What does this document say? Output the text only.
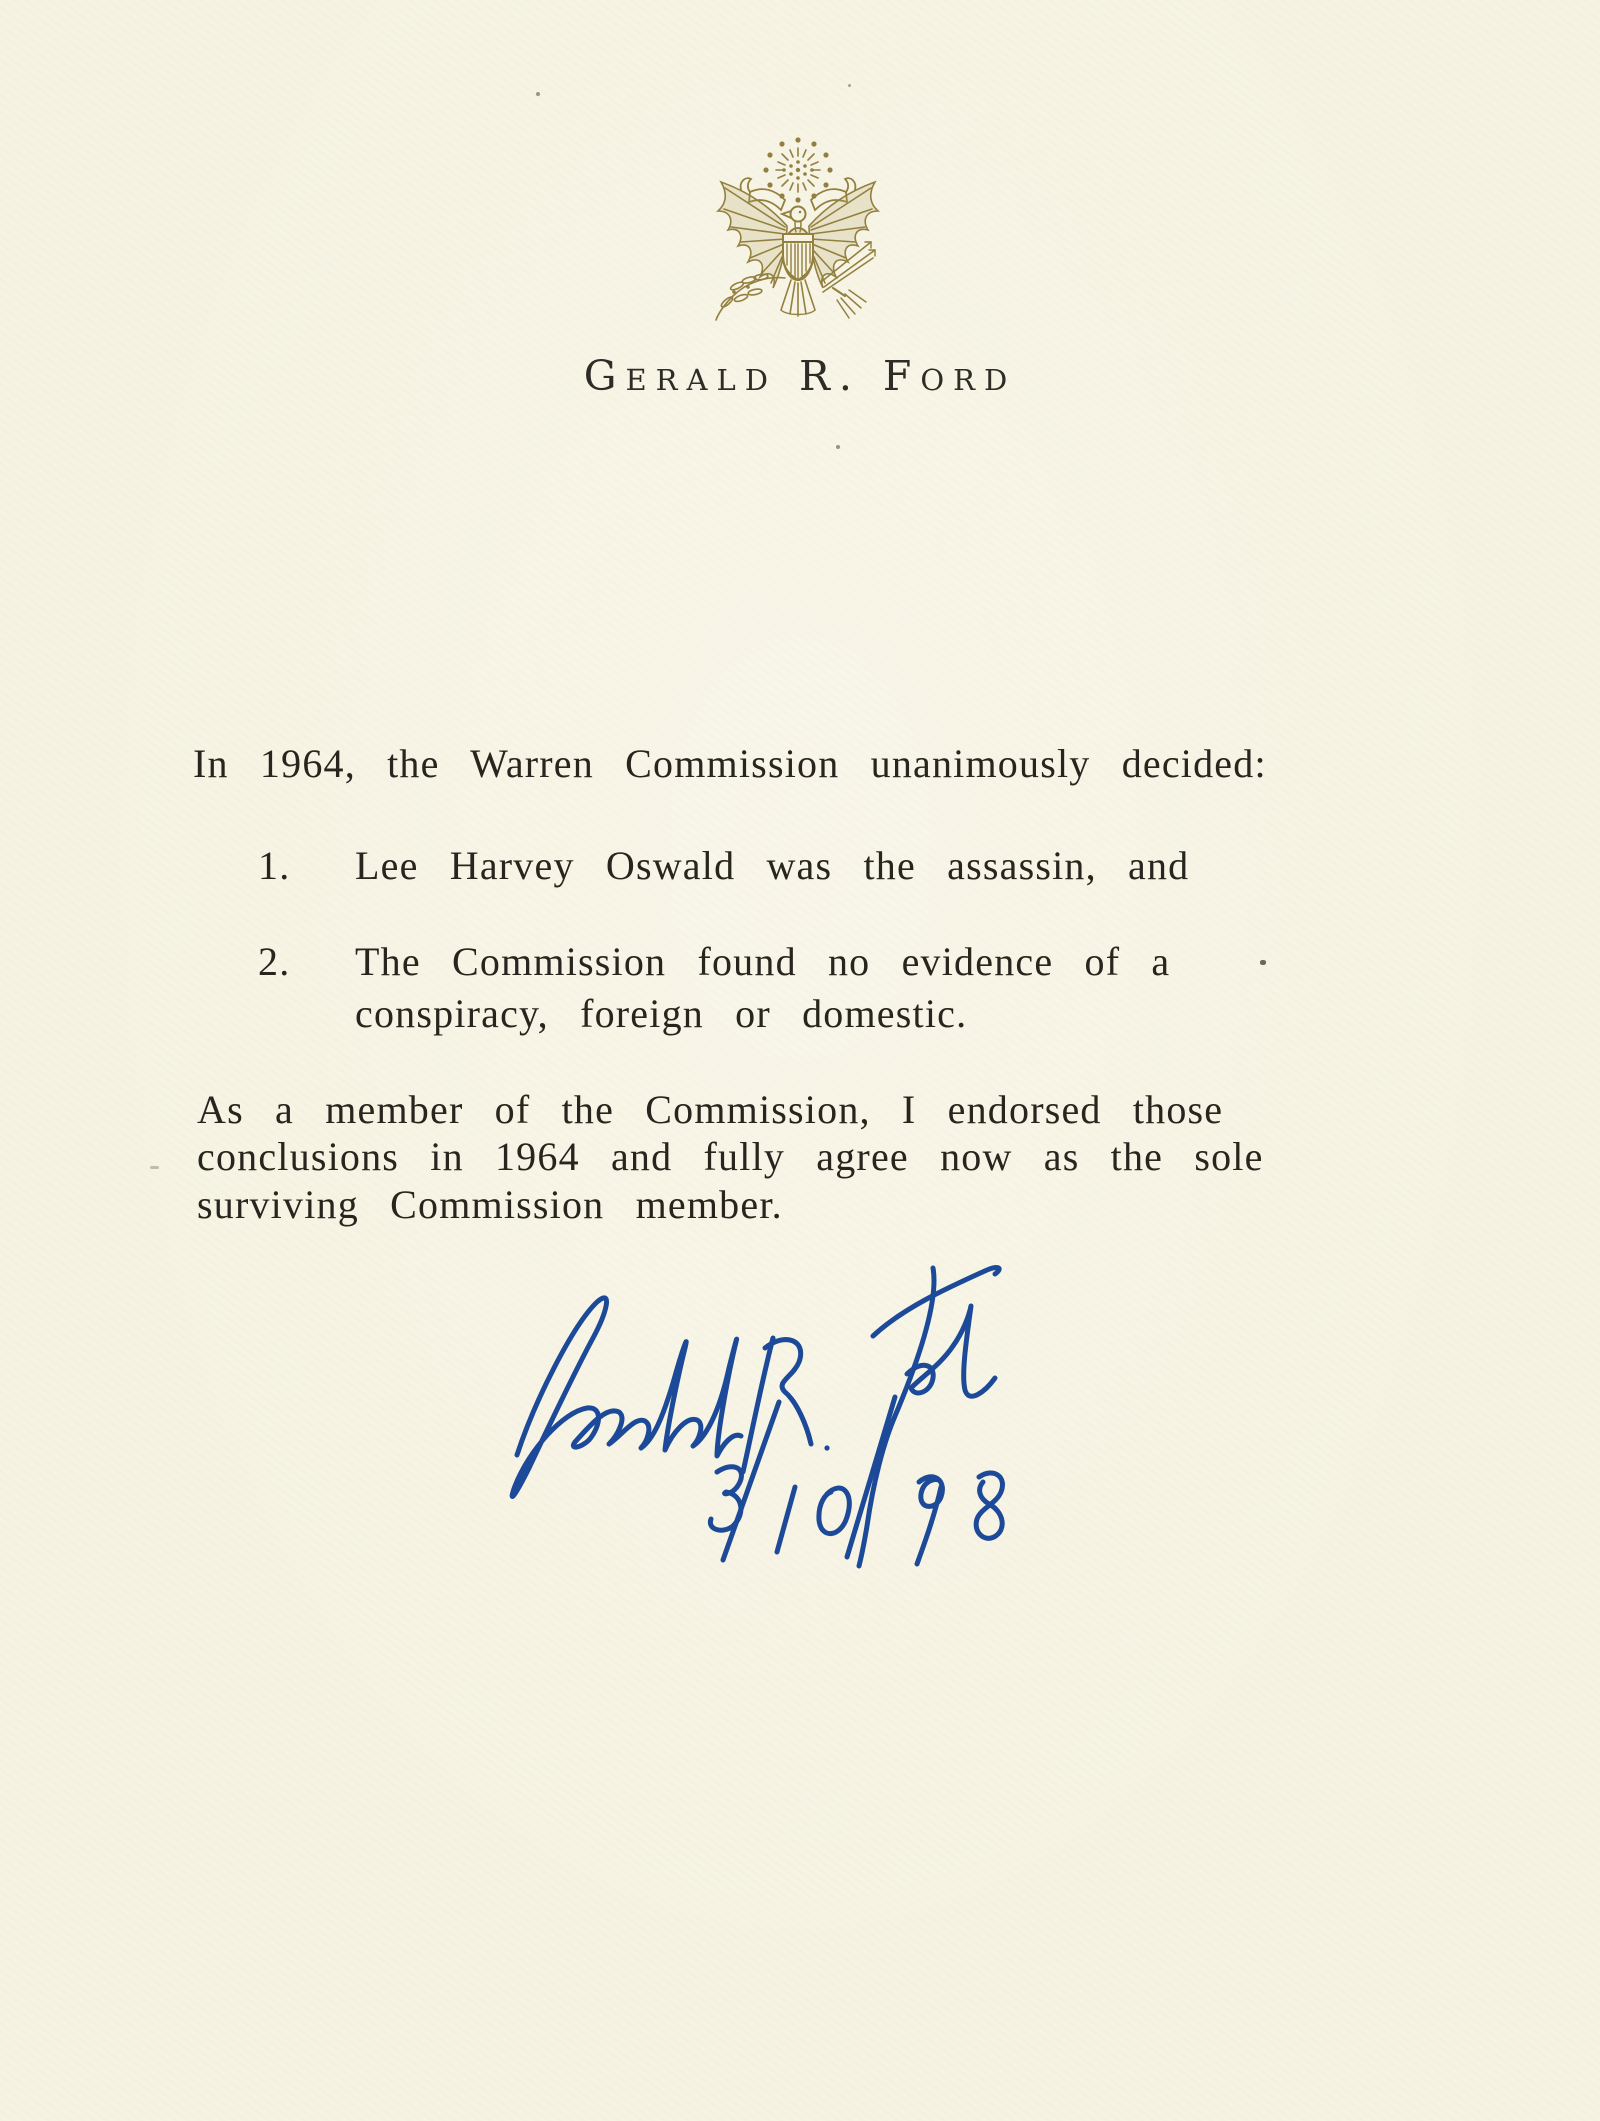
Gerald R. Ford
In 1964, the Warren Commission unanimously decided:
1. Lee Harvey Oswald was the assassin, and
2. The Commission found no evidence of a
conspiracy, foreign or domestic.
As a member of the Commission, I endorsed those
conclusions in 1964 and fully agree now as the sole
surviving Commission member.
